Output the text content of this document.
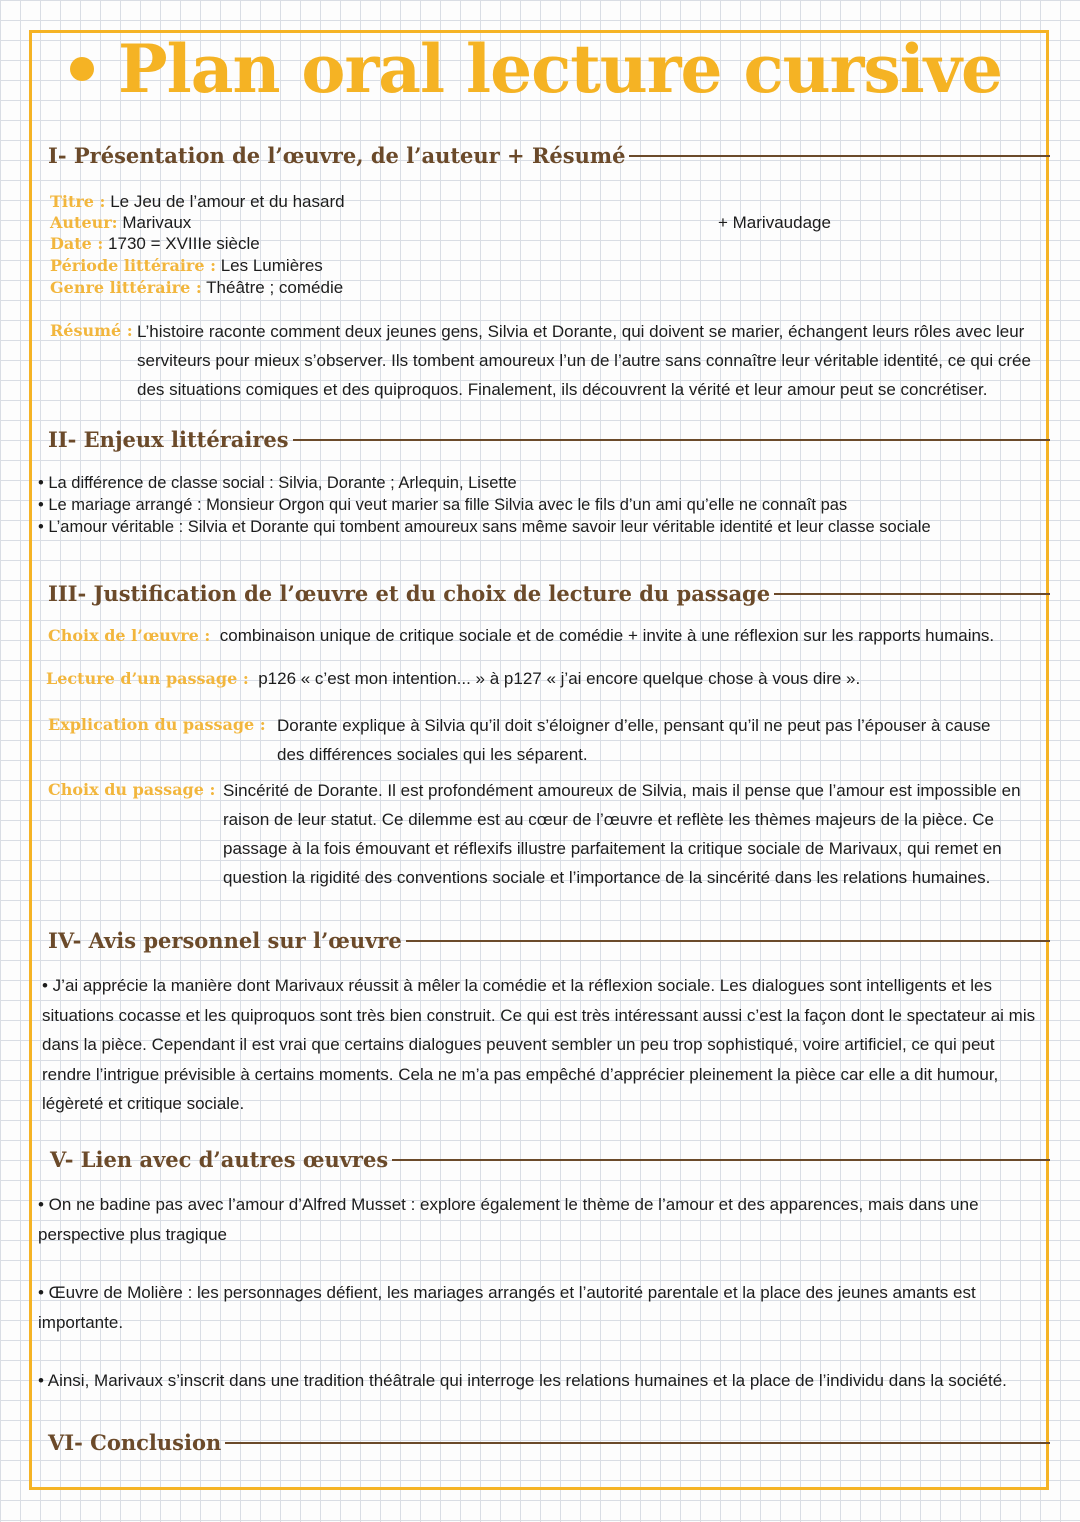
Plan oral lecture cursive
I- Présentation de l’œuvre, de l’auteur + Résumé
Titre : Le Jeu de l’amour et du hasard
Auteur: Marivaux
Date : 1730 = XVIIIe siècle
Période littéraire : Les Lumières
Genre littéraire : Théâtre ; comédie
+ Marivaudage
Résumé : L’histoire raconte comment deux jeunes gens, Silvia et Dorante, qui doivent se marier, échangent leurs rôles avec leur serviteurs pour mieux s’observer. Ils tombent amoureux l’un de l’autre sans connaître leur véritable identité, ce qui crée des situations comiques et des quiproquos. Finalement, ils découvrent la vérité et leur amour peut se concrétiser.
II- Enjeux littéraires
• La différence de classe social : Silvia, Dorante ; Arlequin, Lisette
• Le mariage arrangé : Monsieur Orgon qui veut marier sa fille Silvia avec le fils d’un ami qu’elle ne connaît pas
• L’amour véritable : Silvia et Dorante qui tombent amoureux sans même savoir leur véritable identité et leur classe sociale
III- Justification de l’œuvre et du choix de lecture du passage
Choix de l’œuvre : combinaison unique de critique sociale et de comédie + invite à une réflexion sur les rapports humains.
Lecture d’un passage : p126 « c’est mon intention... » à p127 « j’ai encore quelque chose à vous dire ».
Explication du passage : Dorante explique à Silvia qu’il doit s’éloigner d’elle, pensant qu’il ne peut pas l’épouser à cause des différences sociales qui les séparent.
Choix du passage : Sincérité de Dorante. Il est profondément amoureux de Silvia, mais il pense que l’amour est impossible en raison de leur statut. Ce dilemme est au cœur de l’œuvre et reflète les thèmes majeurs de la pièce. Ce passage à la fois émouvant et réflexifs illustre parfaitement la critique sociale de Marivaux, qui remet en question la rigidité des conventions sociale et l’importance de la sincérité dans les relations humaines.
IV- Avis personnel sur l’œuvre
• J’ai apprécie la manière dont Marivaux réussit à mêler la comédie et la réflexion sociale. Les dialogues sont intelligents et les situations cocasse et les quiproquos sont très bien construit. Ce qui est très intéressant aussi c’est la façon dont le spectateur ai mis dans la pièce. Cependant il est vrai que certains dialogues peuvent sembler un peu trop sophistiqué, voire artificiel, ce qui peut rendre l’intrigue prévisible à certains moments. Cela ne m’a pas empêché d’apprécier pleinement la pièce car elle a dit humour, légèreté et critique sociale.
V- Lien avec d’autres œuvres
• On ne badine pas avec l’amour d’Alfred Musset : explore également le thème de l’amour et des apparences, mais dans une perspective plus tragique
• Œuvre de Molière : les personnages défient, les mariages arrangés et l’autorité parentale et la place des jeunes amants est importante.
• Ainsi, Marivaux s’inscrit dans une tradition théâtrale qui interroge les relations humaines et la place de l’individu dans la société.
VI- Conclusion
